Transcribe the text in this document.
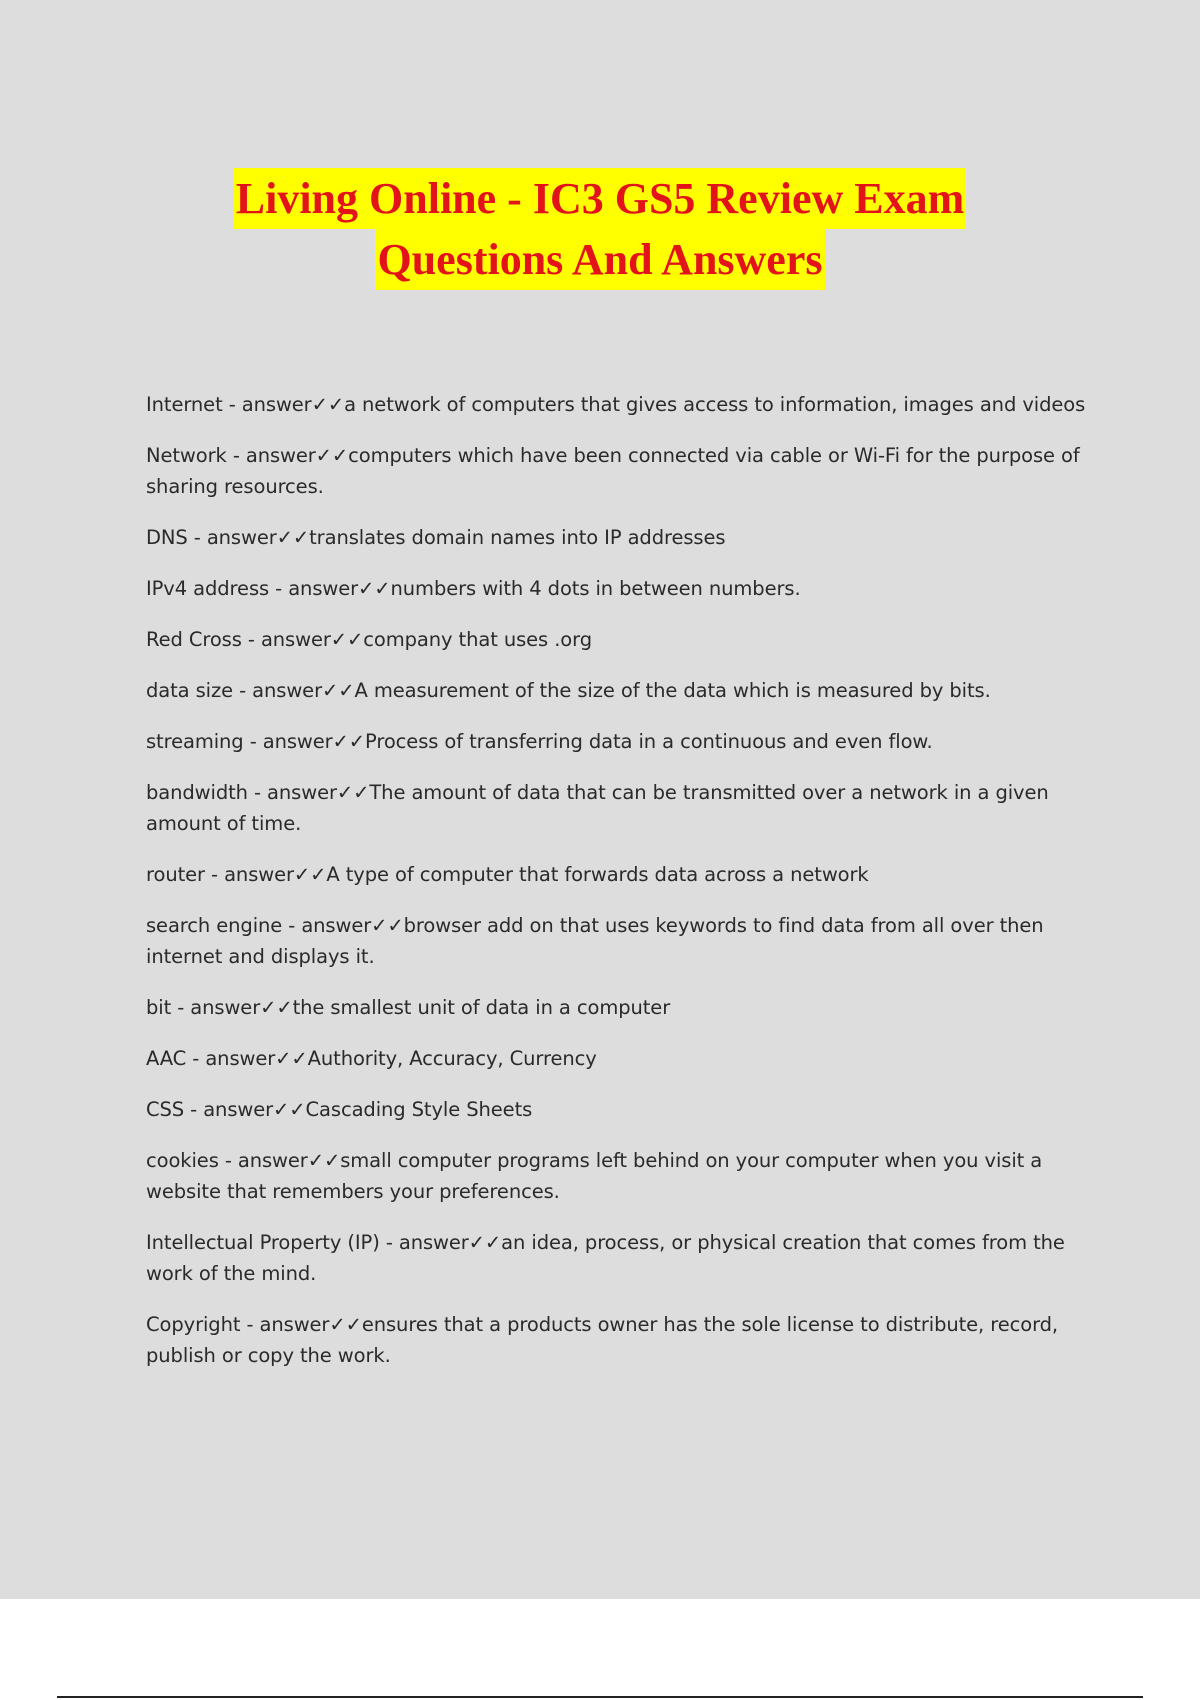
Living Online - IC3 GS5 Review Exam
Questions And Answers
Internet - answer✓✓a network of computers that gives access to information, images and videos
Network - answer✓✓computers which have been connected via cable or Wi-Fi for the purpose of sharing resources.
DNS - answer✓✓translates domain names into IP addresses
IPv4 address - answer✓✓numbers with 4 dots in between numbers.
Red Cross - answer✓✓company that uses .org
data size - answer✓✓A measurement of the size of the data which is measured by bits.
streaming - answer✓✓Process of transferring data in a continuous and even flow.
bandwidth - answer✓✓The amount of data that can be transmitted over a network in a given amount of time.
router - answer✓✓A type of computer that forwards data across a network
search engine - answer✓✓browser add on that uses keywords to find data from all over then internet and displays it.
bit - answer✓✓the smallest unit of data in a computer
AAC - answer✓✓Authority, Accuracy, Currency
CSS - answer✓✓Cascading Style Sheets
cookies - answer✓✓small computer programs left behind on your computer when you visit a website that remembers your preferences.
Intellectual Property (IP) - answer✓✓an idea, process, or physical creation that comes from the work of the mind.
Copyright - answer✓✓ensures that a products owner has the sole license to distribute, record, publish or copy the work.
